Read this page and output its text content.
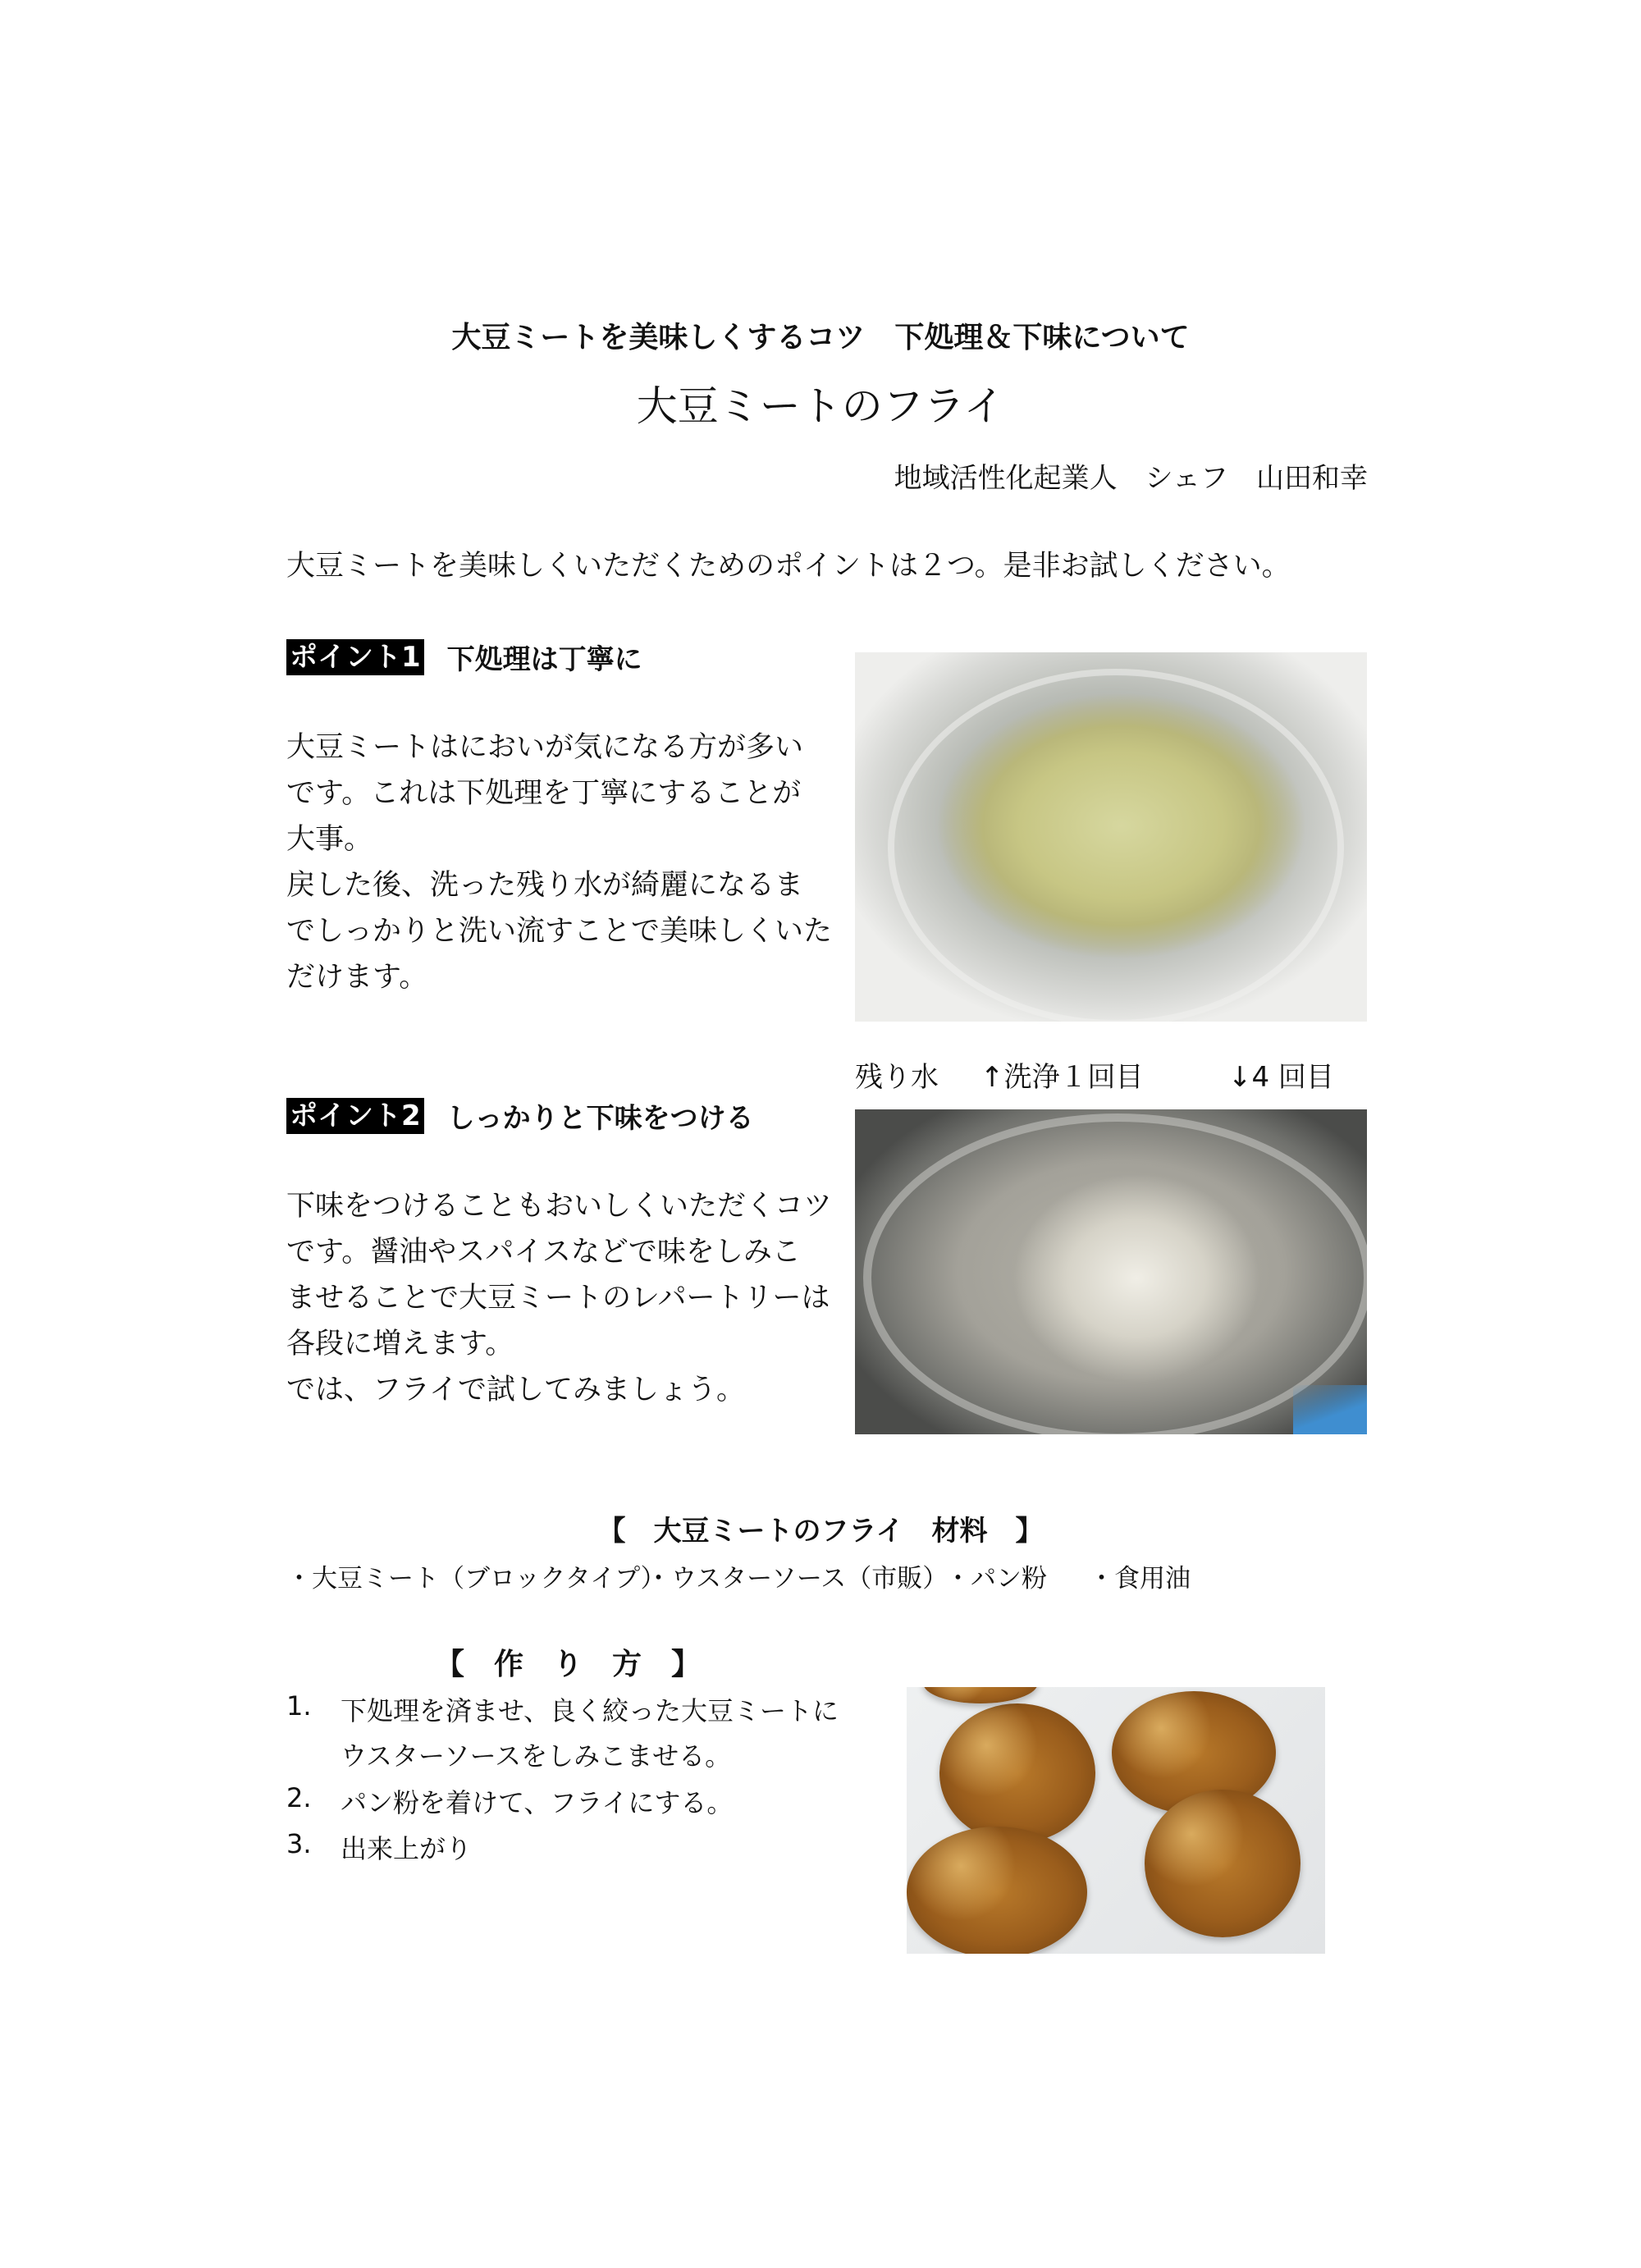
大豆ミートを美味しくするコツ　下処理＆下味について
大豆ミートのフライ
地域活性化起業人　シェフ　山田和幸
大豆ミートを美味しくいただくためのポイントは２つ。是非お試しください。
ポイント1 下処理は丁寧に
大豆ミートはにおいが気になる方が多い
です。これは下処理を丁寧にすることが
大事。
戻した後、洗った残り水が綺麗になるま
でしっかりと洗い流すことで美味しくいた
だけます。
残り水 ↑洗浄１回目	↓4 回目
ポイント2 しっかりと下味をつける
下味をつけることもおいしくいただくコツ
です。醤油やスパイスなどで味をしみこ
ませることで大豆ミートのレパートリーは
各段に増えます。
では、フライで試してみましょう。
【　大豆ミートのフライ　材料　】
・大豆ミート（ブロックタイプ）
・ウスターソース（市販）
・パン粉 ・食用油
【　作　り　方　】
1.	下処理を済ませ、良く絞った大豆ミートに
ウスターソースをしみこませる。
2.	パン粉を着けて、フライにする。
3.	出来上がり
